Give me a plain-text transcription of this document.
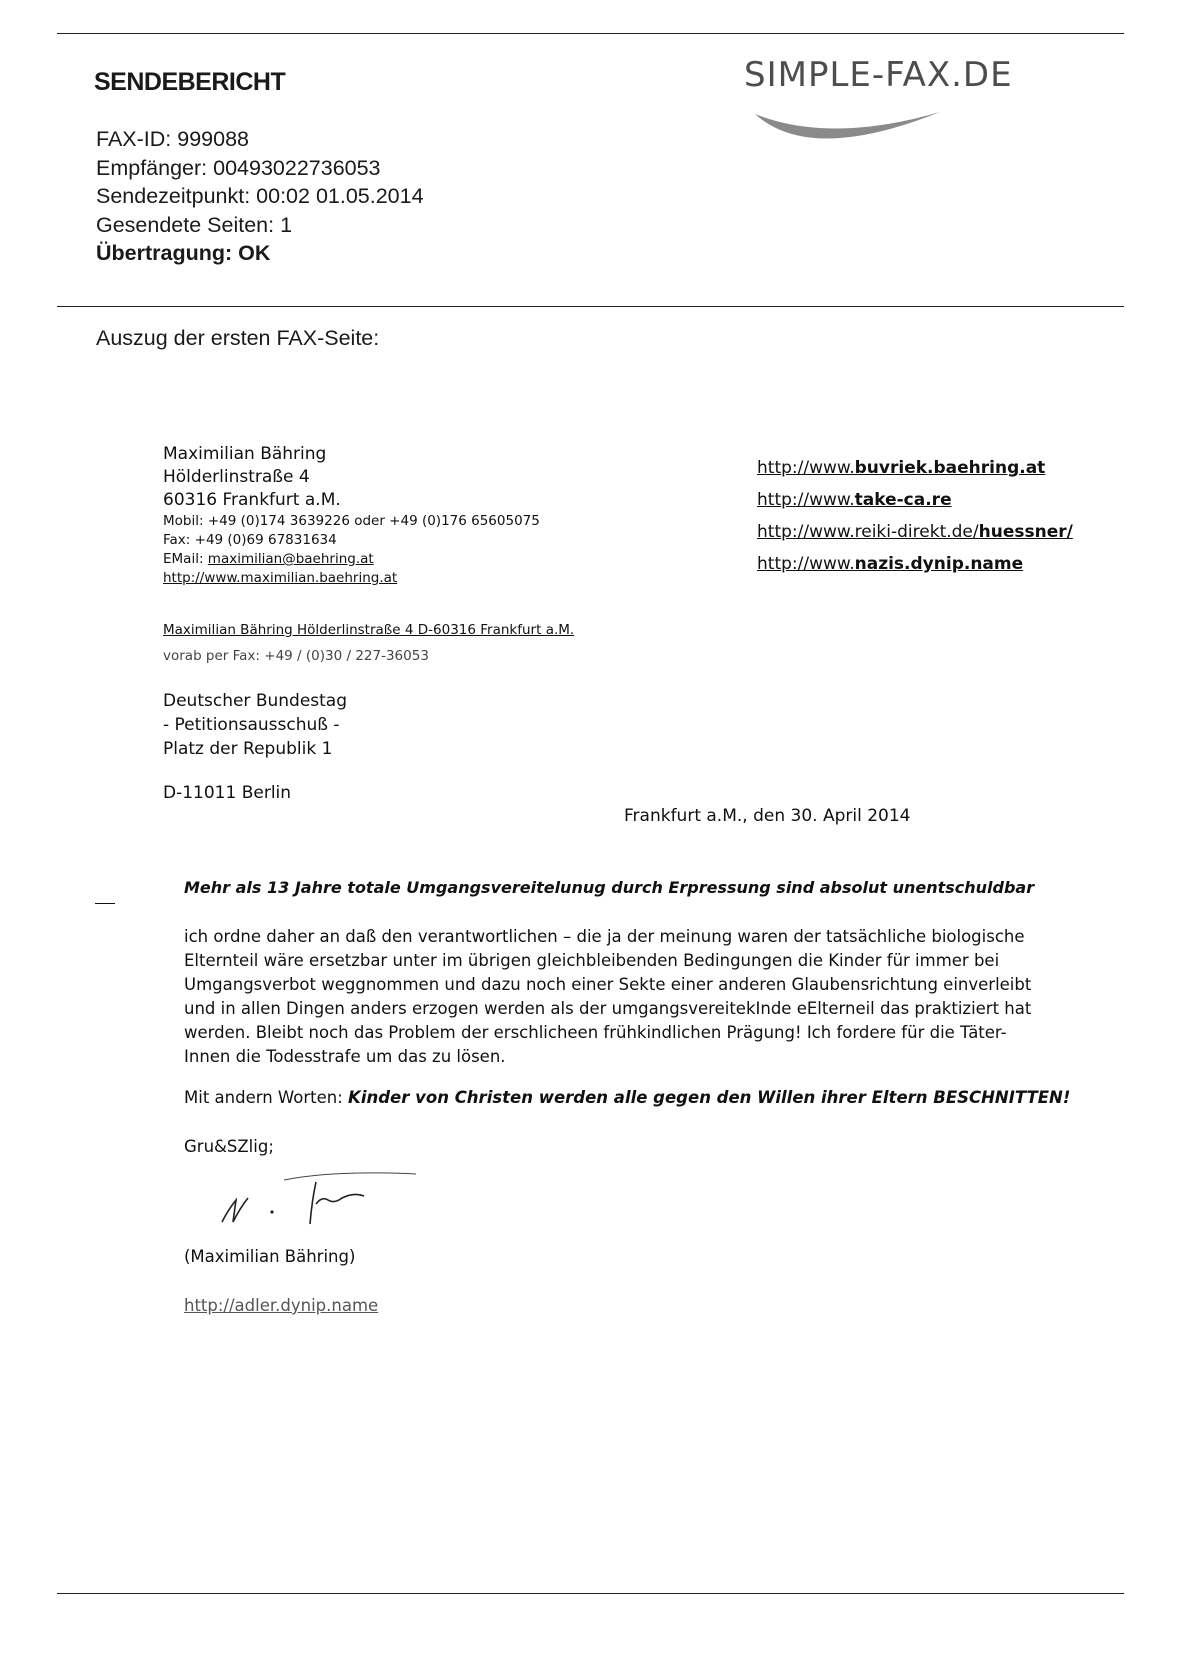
SENDEBERICHT	SIMPLE-FAX.DE
FAX-ID: 999088
Empfänger: 00493022736053
Sendezeitpunkt: 00:02 01.05.2014
Gesendete Seiten: 1
Übertragung: OK
Auszug der ersten FAX-Seite:
Maximilian Bähring
Hölderlinstraße 4
60316 Frankfurt a.M.
Mobil: +49 (0)174 3639226 oder +49 (0)176 65605075
Fax: +49 (0)69 67831634
EMail: maximilian@baehring.at
http://www.maximilian.baehring.at
http://www.buvriek.baehring.at
http://www.take-ca.re
http://www.reiki-direkt.de/huessner/
http://www.nazis.dynip.name
Maximilian Bähring Hölderlinstraße 4 D-60316 Frankfurt a.M.
vorab per Fax: +49 / (0)30 / 227-36053
Deutscher Bundestag
- Petitionsausschuß -
Platz der Republik 1
D-11011 Berlin
Frankfurt a.M., den 30. April 2014
Mehr als 13 Jahre totale Umgangsvereitelunug durch Erpressung sind absolut unentschuldbar
ich ordne daher an daß den verantwortlichen – die ja der meinung waren der tatsächliche biologische
Elternteil wäre ersetzbar unter im übrigen gleichbleibenden Bedingungen die Kinder für immer bei
Umgangsverbot weggnommen und dazu noch einer Sekte einer anderen Glaubensrichtung einverleibt
und in allen Dingen anders erzogen werden als der umgangsvereitekInde eElterneil das praktiziert hat
werden. Bleibt noch das Problem der erschlicheen frühkindlichen Prägung! Ich fordere für die Täter-
Innen die Todesstrafe um das zu lösen.
Mit andern Worten: Kinder von Christen werden alle gegen den Willen ihrer Eltern BESCHNITTEN!
Gru&SZlig;
(Maximilian Bähring)
http://adler.dynip.name
